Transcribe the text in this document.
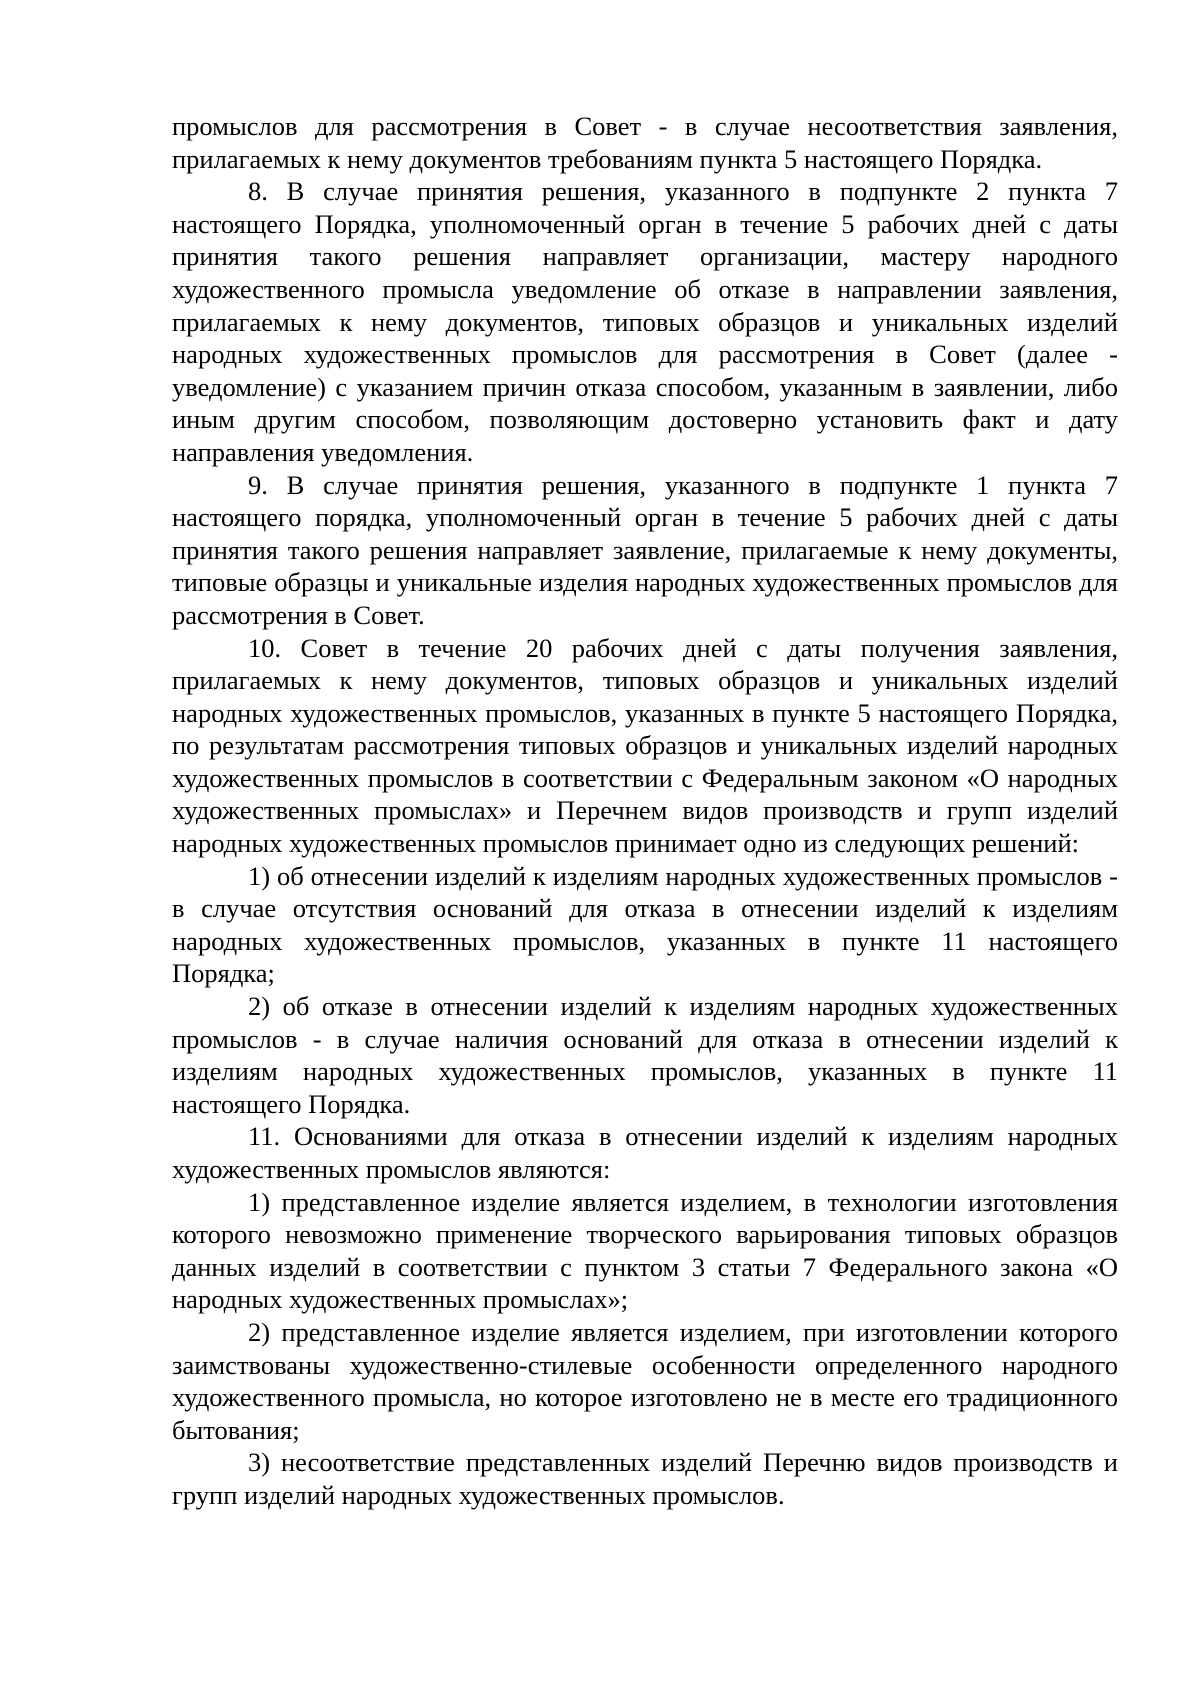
промыслов для рассмотрения в Совет - в случае несоответствия заявления, прилагаемых к нему документов требованиям пункта 5 настоящего Порядка.

8. В случае принятия решения, указанного в подпункте 2 пункта 7 настоящего Порядка, уполномоченный орган в течение 5 рабочих дней с даты принятия такого решения направляет организации, мастеру народного художественного промысла уведомление об отказе в направлении заявления, прилагаемых к нему документов, типовых образцов и уникальных изделий народных художественных промыслов для рассмотрения в Совет (далее - уведомление) с указанием причин отказа способом, указанным в заявлении, либо иным другим способом, позволяющим достоверно установить факт и дату направления уведомления.

9. В случае принятия решения, указанного в подпункте 1 пункта 7 настоящего порядка, уполномоченный орган в течение 5 рабочих дней с даты принятия такого решения направляет заявление, прилагаемые к нему документы, типовые образцы и уникальные изделия народных художественных промыслов для рассмотрения в Совет.

10. Совет в течение 20 рабочих дней с даты получения заявления, прилагаемых к нему документов, типовых образцов и уникальных изделий народных художественных промыслов, указанных в пункте 5 настоящего Порядка, по результатам рассмотрения типовых образцов и уникальных изделий народных художественных промыслов в соответствии с Федеральным законом «О народных художественных промыслах» и Перечнем видов производств и групп изделий народных художественных промыслов принимает одно из следующих решений:

1) об отнесении изделий к изделиям народных художественных промыслов - в случае отсутствия оснований для отказа в отнесении изделий к изделиям народных художественных промыслов, указанных в пункте 11 настоящего Порядка;

2) об отказе в отнесении изделий к изделиям народных художественных промыслов - в случае наличия оснований для отказа в отнесении изделий к изделиям народных художественных промыслов, указанных в пункте 11 настоящего Порядка.

11. Основаниями для отказа в отнесении изделий к изделиям народных художественных промыслов являются:

1) представленное изделие является изделием, в технологии изготовления которого невозможно применение творческого варьирования типовых образцов данных изделий в соответствии с пунктом 3 статьи 7 Федерального закона «О народных художественных промыслах»;

2) представленное изделие является изделием, при изготовлении которого заимствованы художественно-стилевые особенности определенного народного художественного промысла, но которое изготовлено не в месте его традиционного бытования;

3) несоответствие представленных изделий Перечню видов производств и групп изделий народных художественных промыслов.
